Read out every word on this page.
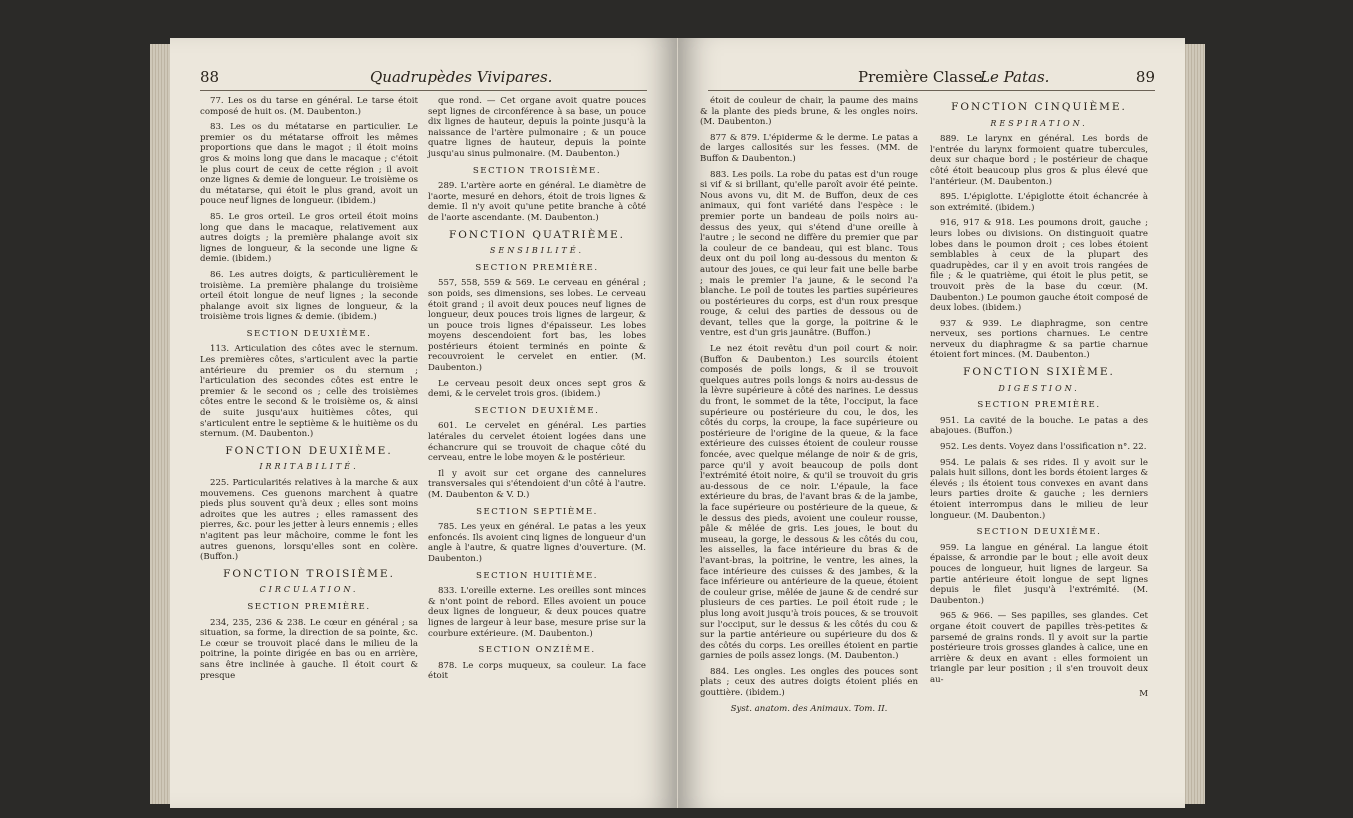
88	Quadrupèdes Vivipares.

77. Les os du tarse en général. Le tarse étoit composé de huit os. (M. Daubenton.)

83. Les os du métatarse en particulier. Le premier os du métatarse offroit les mêmes proportions que dans le magot ; il étoit moins gros & moins long que dans le macaque ; c'étoit le plus court de ceux de cette région ; il avoit onze lignes & demie de longueur. Le troisième os du métatarse, qui étoit le plus grand, avoit un pouce neuf lignes de longueur. (ibidem.)

85. Le gros orteil. Le gros orteil étoit moins long que dans le macaque, relativement aux autres doigts ; la première phalange avoit six lignes de longueur, & la seconde une ligne & demie. (ibidem.)

86. Les autres doigts, & particulièrement le troisième. La première phalange du troisième orteil étoit longue de neuf lignes ; la seconde phalange avoit six lignes de longueur, & la troisième trois lignes & demie. (ibidem.)

SECTION DEUXIÈME.

113. Articulation des côtes avec le sternum. Les premières côtes, s'articulent avec la partie antérieure du premier os du sternum ; l'articulation des secondes côtes est entre le premier & le second os ; celle des troisièmes côtes entre le second & le troisième os, & ainsi de suite jusqu'aux huitièmes côtes, qui s'articulent entre le septième & le huitième os du sternum. (M. Daubenton.)

FONCTION DEUXIÈME.

IRRITABILITÉ.

225. Particularités relatives à la marche & aux mouvemens. Ces guenons marchent à quatre pieds plus souvent qu'à deux ; elles sont moins adroites que les autres ; elles ramassent des pierres, &c. pour les jetter à leurs ennemis ; elles n'agitent pas leur mâchoire, comme le font les autres guenons, lorsqu'elles sont en colère. (Buffon.)

FONCTION TROISIÈME.

CIRCULATION.

SECTION PREMIÈRE.

234, 235, 236 & 238. Le cœur en général ; sa situation, sa forme, la direction de sa pointe, &c. Le cœur se trouvoit placé dans le milieu de la poitrine, la pointe dirigée en bas ou en arrière, sans être inclinée à gauche. Il étoit court & presque

que rond. — Cet organe avoit quatre pouces sept lignes de circonférence à sa base, un pouce dix lignes de hauteur, depuis la pointe jusqu'à la naissance de l'artère pulmonaire ; & un pouce quatre lignes de hauteur, depuis la pointe jusqu'au sinus pulmonaire. (M. Daubenton.)

SECTION TROISIÈME.

289. L'artère aorte en général. Le diamètre de l'aorte, mesuré en dehors, étoit de trois lignes & demie. Il n'y avoit qu'une petite branche à côté de l'aorte ascendante. (M. Daubenton.)

FONCTION QUATRIÈME.

SENSIBILITÉ.

SECTION PREMIÈRE.

557, 558, 559 & 569. Le cerveau en général ; son poids, ses dimensions, ses lobes. Le cerveau étoit grand ; il avoit deux pouces neuf lignes de longueur, deux pouces trois lignes de largeur, & un pouce trois lignes d'épaisseur. Les lobes moyens descendoient fort bas, les lobes postérieurs étoient terminés en pointe & recouvroient le cervelet en entier. (M. Daubenton.)

Le cerveau pesoit deux onces sept gros & demi, & le cervelet trois gros. (ibidem.)

SECTION DEUXIÈME.

601. Le cervelet en général. Les parties latérales du cervelet étoient logées dans une échancrure qui se trouvoit de chaque côté du cerveau, entre le lobe moyen & le postérieur.

Il y avoit sur cet organe des cannelures transversales qui s'étendoient d'un côté à l'autre. (M. Daubenton & V. D.)

SECTION SEPTIÈME.

785. Les yeux en général. Le patas a les yeux enfoncés. Ils avoient cinq lignes de longueur d'un angle à l'autre, & quatre lignes d'ouverture. (M. Daubenton.)

SECTION HUITIÈME.

833. L'oreille externe. Les oreilles sont minces & n'ont point de rebord. Elles avoient un pouce deux lignes de longueur, & deux pouces quatre lignes de largeur à leur base, mesure prise sur la courbure extérieure. (M. Daubenton.)

SECTION ONZIÈME.

878. Le corps muqueux, sa couleur. La face étoit

Première Classe.
Le Patas.	89

étoit de couleur de chair, la paume des mains & la plante des pieds brune, & les ongles noirs. (M. Daubenton.)

877 & 879. L'épiderme & le derme. Le patas a de larges callosités sur les fesses. (MM. de Buffon & Daubenton.)

883. Les poils. La robe du patas est d'un rouge si vif & si brillant, qu'elle paroît avoir été peinte. Nous avons vu, dit M. de Buffon, deux de ces animaux, qui font variété dans l'espèce : le premier porte un bandeau de poils noirs au-dessus des yeux, qui s'étend d'une oreille à l'autre ; le second ne diffère du premier que par la couleur de ce bandeau, qui est blanc. Tous deux ont du poil long au-dessous du menton & autour des joues, ce qui leur fait une belle barbe ; mais le premier l'a jaune, & le second l'a blanche. Le poil de toutes les parties supérieures ou postérieures du corps, est d'un roux presque rouge, & celui des parties de dessous ou de devant, telles que la gorge, la poitrine & le ventre, est d'un gris jaunâtre. (Buffon.)

Le nez étoit revêtu d'un poil court & noir. (Buffon & Daubenton.) Les sourcils étoient composés de poils longs, & il se trouvoit quelques autres poils longs & noirs au-dessus de la lèvre supérieure à côté des narines. Le dessus du front, le sommet de la tête, l'occiput, la face supérieure ou postérieure du cou, le dos, les côtés du corps, la croupe, la face supérieure ou postérieure de l'origine de la queue, & la face extérieure des cuisses étoient de couleur rousse foncée, avec quelque mélange de noir & de gris, parce qu'il y avoit beaucoup de poils dont l'extrémité étoit noire, & qu'il se trouvoit du gris au-dessous de ce noir. L'épaule, la face extérieure du bras, de l'avant bras & de la jambe, la face supérieure ou postérieure de la queue, & le dessus des pieds, avoient une couleur rousse, pâle & mêlée de gris. Les joues, le bout du museau, la gorge, le dessous & les côtés du cou, les aisselles, la face intérieure du bras & de l'avant-bras, la poitrine, le ventre, les aines, la face intérieure des cuisses & des jambes, & la face inférieure ou antérieure de la queue, étoient de couleur grise, mêlée de jaune & de cendré sur plusieurs de ces parties. Le poil étoit rude ; le plus long avoit jusqu'à trois pouces, & se trouvoit sur l'occiput, sur le dessus & les côtés du cou & sur la partie antérieure ou supérieure du dos & des côtés du corps. Les oreilles étoient en partie garnies de poils assez longs. (M. Daubenton.)

884. Les ongles. Les ongles des pouces sont plats ; ceux des autres doigts étoient pliés en gouttière. (ibidem.)

Syst. anatom. des Animaux. Tom. II.

FONCTION CINQUIÈME.

RESPIRATION.

889. Le larynx en général. Les bords de l'entrée du larynx formoient quatre tubercules, deux sur chaque bord ; le postérieur de chaque côté étoit beaucoup plus gros & plus élevé que l'antérieur. (M. Daubenton.)

895. L'épiglotte. L'épiglotte étoit échancrée à son extrémité. (ibidem.)

916, 917 & 918. Les poumons droit, gauche ; leurs lobes ou divisions. On distinguoit quatre lobes dans le poumon droit ; ces lobes étoient semblables à ceux de la plupart des quadrupèdes, car il y en avoit trois rangées de file ; & le quatrième, qui étoit le plus petit, se trouvoit près de la base du cœur. (M. Daubenton.) Le poumon gauche étoit composé de deux lobes. (ibidem.)

937 & 939. Le diaphragme, son centre nerveux, ses portions charnues. Le centre nerveux du diaphragme & sa partie charnue étoient fort minces. (M. Daubenton.)

FONCTION SIXIÈME.

DIGESTION.

SECTION PREMIÈRE.

951. La cavité de la bouche. Le patas a des abajoues. (Buffon.)

952. Les dents. Voyez dans l'ossification n°. 22.

954. Le palais & ses rides. Il y avoit sur le palais huit sillons, dont les bords étoient larges & élevés ; ils étoient tous convexes en avant dans leurs parties droite & gauche ; les derniers étoient interrompus dans le milieu de leur longueur. (M. Daubenton.)

SECTION DEUXIÈME.

959. La langue en général. La langue étoit épaisse, & arrondie par le bout ; elle avoit deux pouces de longueur, huit lignes de largeur. Sa partie antérieure étoit longue de sept lignes depuis le filet jusqu'à l'extrémité. (M. Daubenton.)

965 & 966. — Ses papilles, ses glandes. Cet organe étoit couvert de papilles très-petites & parsemé de grains ronds. Il y avoit sur la partie postérieure trois grosses glandes à calice, une en arrière & deux en avant : elles formoient un triangle par leur position ; il s'en trouvoit deux au-

M
